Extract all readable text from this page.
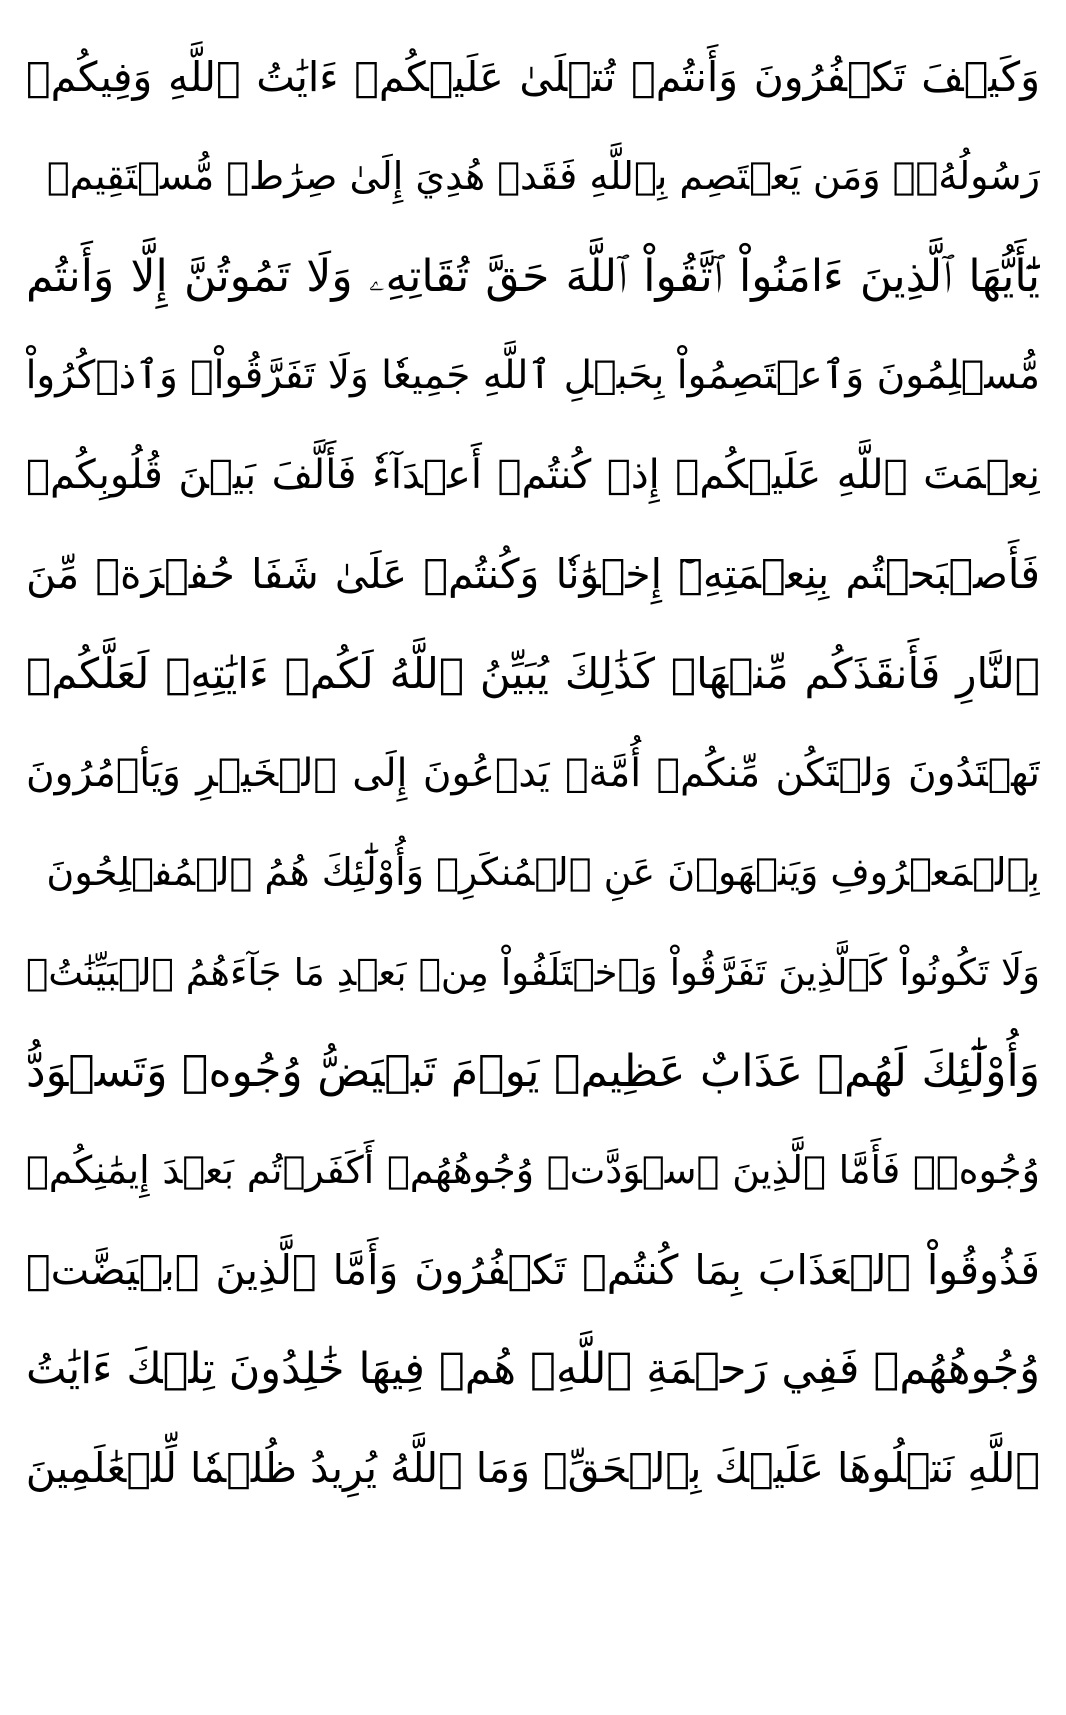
وَكَيۡفَ تَكۡفُرُونَ وَأَنتُمۡ تُتۡلَىٰ عَلَيۡكُمۡ ءَايَٰتُ ٱللَّهِ وَفِيكُمۡ
رَسُولُهُۥۗ وَمَن يَعۡتَصِم بِٱللَّهِ فَقَدۡ هُدِيَ إِلَىٰ صِرَٰطٖ مُّسۡتَقِيمٖ
يَٰٓأَيُّهَا ٱلَّذِينَ ءَامَنُواْ ٱتَّقُواْ ٱللَّهَ حَقَّ تُقَاتِهِۦ وَلَا تَمُوتُنَّ إِلَّا وَأَنتُم
مُّسۡلِمُونَ وَٱعۡتَصِمُواْ بِحَبۡلِ ٱللَّهِ جَمِيعٗا وَلَا تَفَرَّقُواْۚ وَٱذۡكُرُواْ
نِعۡمَتَ ٱللَّهِ عَلَيۡكُمۡ إِذۡ كُنتُمۡ أَعۡدَآءٗ فَأَلَّفَ بَيۡنَ قُلُوبِكُمۡ
فَأَصۡبَحۡتُم بِنِعۡمَتِهِۦٓ إِخۡوَٰنٗا وَكُنتُمۡ عَلَىٰ شَفَا حُفۡرَةٖ مِّنَ
ٱلنَّارِ فَأَنقَذَكُم مِّنۡهَاۗ كَذَٰلِكَ يُبَيِّنُ ٱللَّهُ لَكُمۡ ءَايَٰتِهِۦ لَعَلَّكُمۡ
تَهۡتَدُونَ وَلۡتَكُن مِّنكُمۡ أُمَّةٞ يَدۡعُونَ إِلَى ٱلۡخَيۡرِ وَيَأۡمُرُونَ
بِٱلۡمَعۡرُوفِ وَيَنۡهَوۡنَ عَنِ ٱلۡمُنكَرِۚ وَأُوْلَٰٓئِكَ هُمُ ٱلۡمُفۡلِحُونَ
وَلَا تَكُونُواْ كَٱلَّذِينَ تَفَرَّقُواْ وَٱخۡتَلَفُواْ مِنۢ بَعۡدِ مَا جَآءَهُمُ ٱلۡبَيِّنَٰتُۚ
وَأُوْلَٰٓئِكَ لَهُمۡ عَذَابٌ عَظِيمٞ يَوۡمَ تَبۡيَضُّ وُجُوهٞ وَتَسۡوَدُّ
وُجُوهٞۚ فَأَمَّا ٱلَّذِينَ ٱسۡوَدَّتۡ وُجُوهُهُمۡ أَكَفَرۡتُم بَعۡدَ إِيمَٰنِكُمۡ
فَذُوقُواْ ٱلۡعَذَابَ بِمَا كُنتُمۡ تَكۡفُرُونَ وَأَمَّا ٱلَّذِينَ ٱبۡيَضَّتۡ
وُجُوهُهُمۡ فَفِي رَحۡمَةِ ٱللَّهِۖ هُمۡ فِيهَا خَٰلِدُونَ تِلۡكَ ءَايَٰتُ
ٱللَّهِ نَتۡلُوهَا عَلَيۡكَ بِٱلۡحَقِّۗ وَمَا ٱللَّهُ يُرِيدُ ظُلۡمٗا لِّلۡعَٰلَمِينَ
